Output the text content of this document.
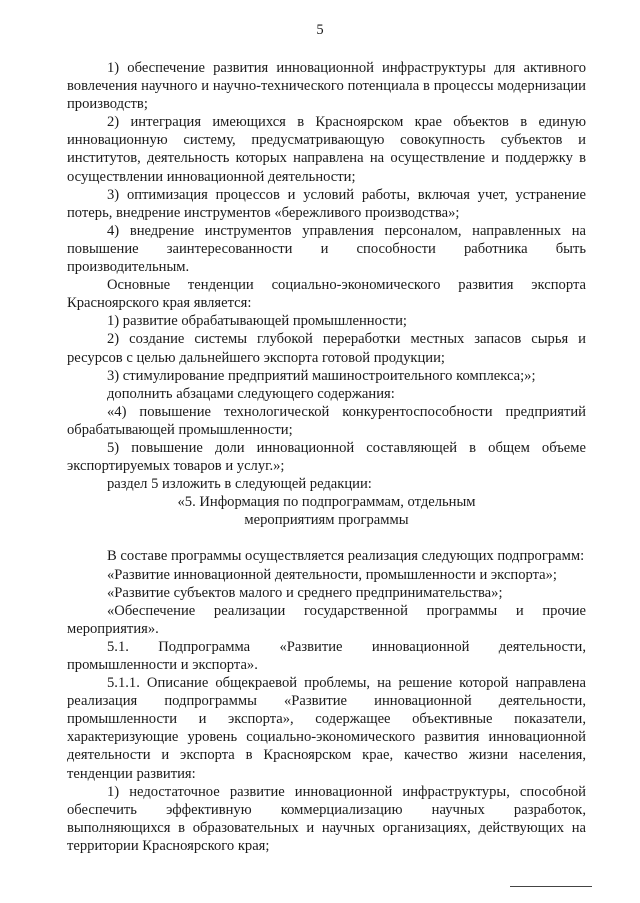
5

1) обеспечение развития инновационной инфраструктуры для активного вовлечения научного и научно-технического потенциала в процессы модернизации производств;

2) интеграция имеющихся в Красноярском крае объектов в единую инновационную систему, предусматривающую совокупность субъектов и институтов, деятельность которых направлена на осуществление и поддержку в осуществлении инновационной деятельности;

3) оптимизация процессов и условий работы, включая учет, устранение потерь, внедрение инструментов «бережливого производства»;

4) внедрение инструментов управления персоналом, направленных на повышение заинтересованности и способности работника быть производительным.

Основные тенденции социально-экономического развития экспорта Красноярского края является:

1) развитие обрабатывающей промышленности;

2) создание системы глубокой переработки местных запасов сырья и ресурсов с целью дальнейшего экспорта готовой продукции;

3) стимулирование предприятий машиностроительного комплекса;»;

дополнить абзацами следующего содержания:

«4) повышение технологической конкурентоспособности предприятий обрабатывающей промышленности;

5) повышение доли инновационной составляющей в общем объеме экспортируемых товаров и услуг.»;

раздел 5 изложить в следующей редакции:

«5. Информация по подпрограммам, отдельным

мероприятиям программы

В составе программы осуществляется реализация следующих подпрограмм:

«Развитие инновационной деятельности, промышленности и экспорта»;

«Развитие субъектов малого и среднего предпринимательства»;

«Обеспечение реализации государственной программы и прочие мероприятия».

5.1. Подпрограмма «Развитие инновационной деятельности, промышленности и экспорта».

5.1.1. Описание общекраевой проблемы, на решение которой направлена реализация подпрограммы «Развитие инновационной деятельности, промышленности и экспорта», содержащее объективные показатели, характеризующие уровень социально-экономического развития инновационной деятельности и экспорта в Красноярском крае, качество жизни населения, тенденции развития:

1) недостаточное развитие инновационной инфраструктуры, способной обеспечить эффективную коммерциализацию научных разработок, выполняющихся в образовательных и научных организациях, действующих на территории Красноярского края;
